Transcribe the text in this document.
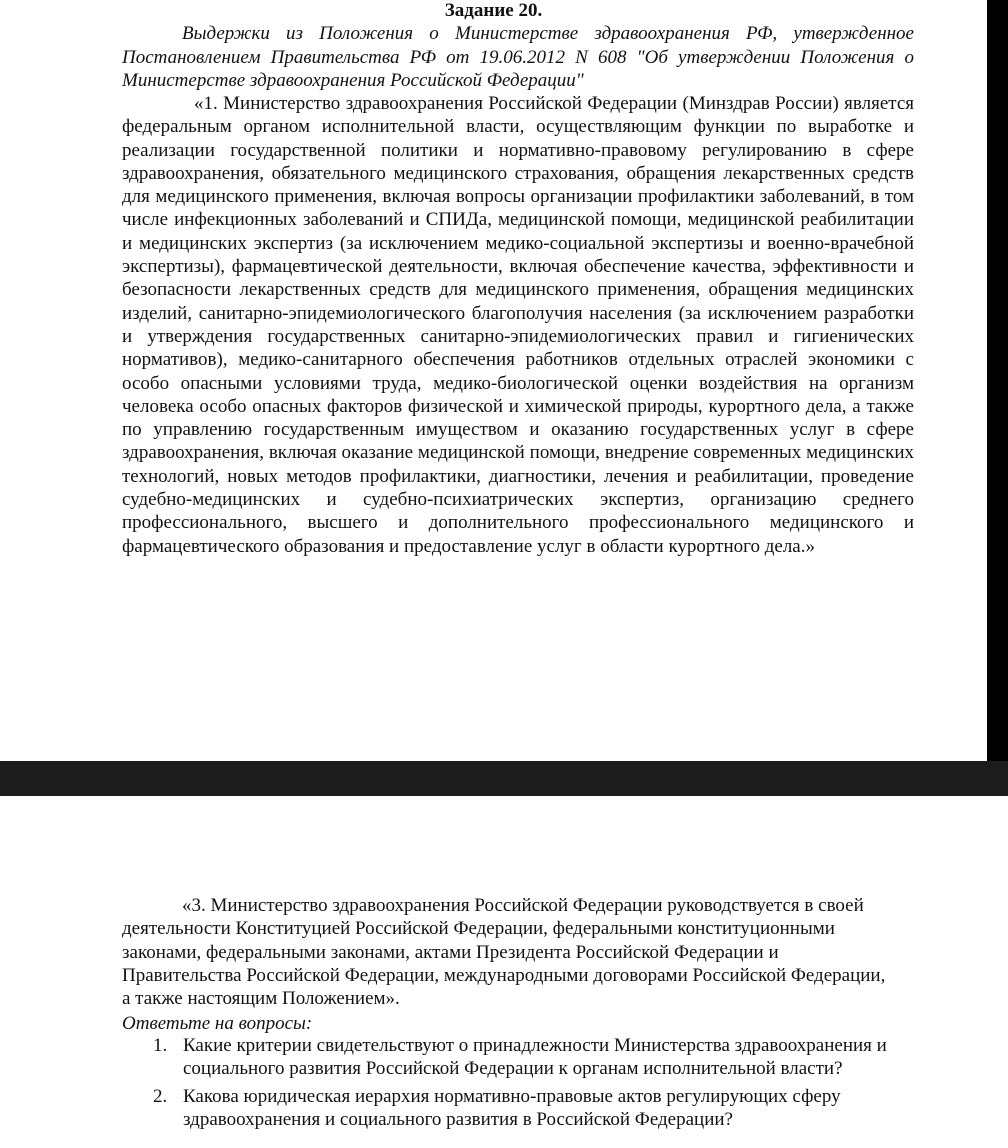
Задание 20.
Выдержки из Положения о Министерстве здравоохранения РФ, утвержденное Постановлением Правительства РФ от 19.06.2012 N 608 "Об утверждении Положения о Министерстве здравоохранения Российской Федерации"
«1. Министерство здравоохранения Российской Федерации (Минздрав России) является федеральным органом исполнительной власти, осуществляющим функции по выработке и реализации государственной политики и нормативно-правовому регулированию в сфере здравоохранения, обязательного медицинского страхования, обращения лекарственных средств для медицинского применения, включая вопросы организации профилактики заболеваний, в том числе инфекционных заболеваний и СПИДа, медицинской помощи, медицинской реабилитации и медицинских экспертиз (за исключением медико-социальной экспертизы и военно-врачебной экспертизы), фармацевтической деятельности, включая обеспечение качества, эффективности и безопасности лекарственных средств для медицинского применения, обращения медицинских изделий, санитарно-эпидемиологического благополучия населения (за исключением разработки и утверждения государственных санитарно-эпидемиологических правил и гигиенических нормативов), медико-санитарного обеспечения работников отдельных отраслей экономики с особо опасными условиями труда, медико-биологической оценки воздействия на организм человека особо опасных факторов физической и химической природы, курортного дела, а также по управлению государственным имуществом и оказанию государственных услуг в сфере здравоохранения, включая оказание медицинской помощи, внедрение современных медицинских технологий, новых методов профилактики, диагностики, лечения и реабилитации, проведение судебно-медицинских и судебно-психиатрических экспертиз, организацию среднего профессионального, высшего и дополнительного профессионального медицинского и фармацевтического образования и предоставление услуг в области курортного дела.»
«3. Министерство здравоохранения Российской Федерации руководствуется в своей деятельности Конституцией Российской Федерации, федеральными конституционными законами, федеральными законами, актами Президента Российской Федерации и Правительства Российской Федерации, международными договорами Российской Федерации, а также настоящим Положением».
Ответьте на вопросы:
1. Какие критерии свидетельствуют о принадлежности Министерства здравоохранения и социального развития Российской Федерации к органам исполнительной власти?
2. Какова юридическая иерархия нормативно-правовые актов регулирующих сферу здравоохранения и социального развития в Российской Федерации?
